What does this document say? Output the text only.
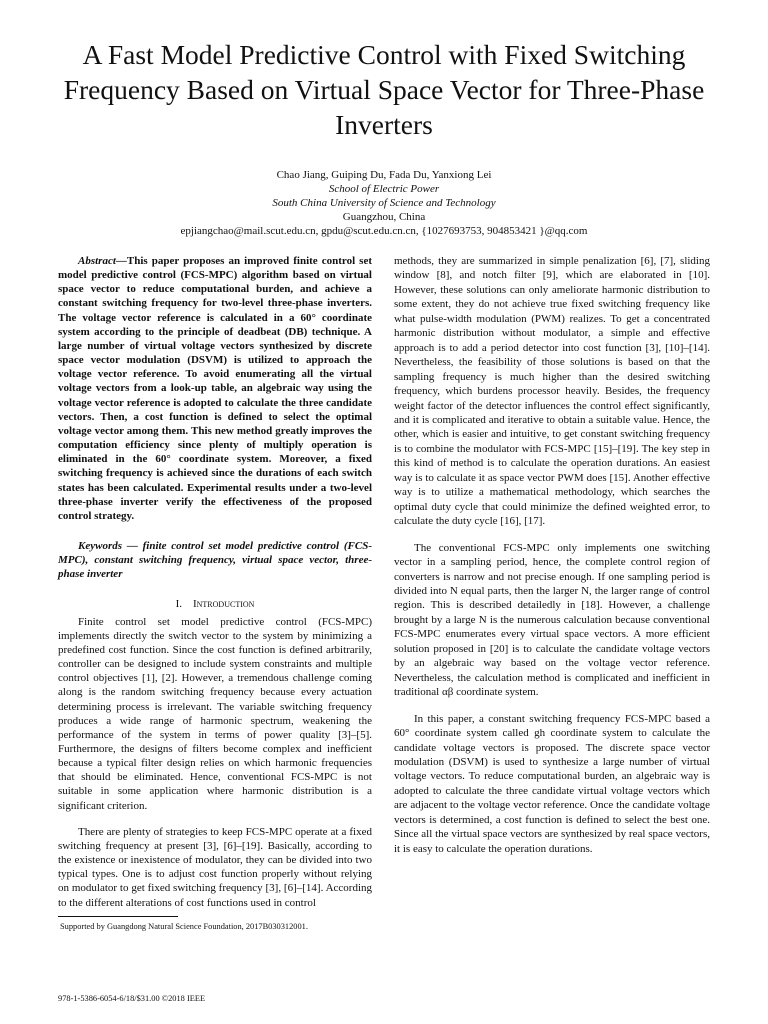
A Fast Model Predictive Control with Fixed Switching Frequency Based on Virtual Space Vector for Three-Phase Inverters
Chao Jiang, Guiping Du, Fada Du, Yanxiong Lei
School of Electric Power
South China University of Science and Technology
Guangzhou, China
epjiangchao@mail.scut.edu.cn, gpdu@scut.edu.cn.cn, {1027693753, 904853421 }@qq.com

Abstract—This paper proposes an improved finite control set model predictive control (FCS-MPC) algorithm based on virtual space vector to reduce computational burden, and achieve a constant switching frequency for two-level three-phase inverters. The voltage vector reference is calculated in a 60° coordinate system according to the principle of deadbeat (DB) technique. A large number of virtual voltage vectors synthesized by discrete space vector modulation (DSVM) is utilized to approach the voltage vector reference. To avoid enumerating all the virtual voltage vectors from a look-up table, an algebraic way using the voltage vector reference is adopted to calculate the three candidate vectors. Then, a cost function is defined to select the optimal voltage vector among them. This new method greatly improves the computation efficiency since plenty of multiply operation is eliminated in the 60° coordinate system. Moreover, a fixed switching frequency is achieved since the durations of each switch states has been calculated. Experimental results under a two-level three-phase inverter verify the effectiveness of the proposed control strategy.

Keywords — finite control set model predictive control (FCS-MPC), constant switching frequency, virtual space vector, three-phase inverter

I. Introduction

Finite control set model predictive control (FCS-MPC) implements directly the switch vector to the system by minimizing a predefined cost function. Since the cost function is defined arbitrarily, controller can be designed to include system constraints and multiple control objectives [1], [2]. However, a tremendous challenge coming along is the random switching frequency because every actuation determining process is irrelevant. The variable switching frequency produces a wide range of harmonic spectrum, weakening the performance of the system in terms of power quality [3]–[5]. Furthermore, the designs of filters become complex and inefficient because a typical filter design relies on which harmonic frequencies that should be eliminated. Hence, conventional FCS-MPC is not suitable in some application where harmonic distribution is a significant criterion.

There are plenty of strategies to keep FCS-MPC operate at a fixed switching frequency at present [3], [6]–[19]. Basically, according to the existence or inexistence of modulator, they can be divided into two typical types. One is to adjust cost function properly without relying on modulator to get fixed switching frequency [3], [6]–[14]. According to the different alterations of cost functions used in control

methods, they are summarized in simple penalization [6], [7], sliding window [8], and notch filter [9], which are elaborated in [10]. However, these solutions can only ameliorate harmonic distribution to some extent, they do not achieve true fixed switching frequency like what pulse-width modulation (PWM) realizes. To get a concentrated harmonic distribution without modulator, a simple and effective approach is to add a period detector into cost function [3], [10]–[14]. Nevertheless, the feasibility of those solutions is based on that the sampling frequency is much higher than the desired switching frequency, which burdens processor heavily. Besides, the frequency weight factor of the detector influences the control effect significantly, and it is complicated and iterative to obtain a suitable value. Hence, the other, which is easier and intuitive, to get constant switching frequency is to combine the modulator with FCS-MPC [15]–[19]. The key step in this kind of method is to calculate the operation durations. An easiest way is to calculate it as space vector PWM does [15]. Another effective way is to utilize a mathematical methodology, which searches the optimal duty cycle that could minimize the defined weighted error, to calculate the duty cycle [16], [17].

The conventional FCS-MPC only implements one switching vector in a sampling period, hence, the complete control region of converters is narrow and not precise enough. If one sampling period is divided into N equal parts, then the larger N, the larger range of control region. This is described detailedly in [18]. However, a challenge brought by a large N is the numerous calculation because conventional FCS-MPC enumerates every virtual space vectors. A more efficient solution proposed in [20] is to calculate the candidate voltage vectors by an algebraic way based on the voltage vector reference. Nevertheless, the calculation method is complicated and inefficient in traditional αβ coordinate system.

In this paper, a constant switching frequency FCS-MPC based a 60° coordinate system called gh coordinate system to calculate the candidate voltage vectors is proposed. The discrete space vector modulation (DSVM) is used to synthesize a large number of virtual voltage vectors. To reduce computational burden, an algebraic way is adopted to calculate the three candidate virtual voltage vectors which are adjacent to the voltage vector reference. Once the candidate voltage vectors is determined, a cost function is defined to select the best one. Since all the virtual space vectors are synthesized by real space vectors, it is easy to calculate the operation durations.

Supported by Guangdong Natural Science Foundation, 2017B030312001.
978-1-5386-6054-6/18/$31.00 ©2018 IEEE
